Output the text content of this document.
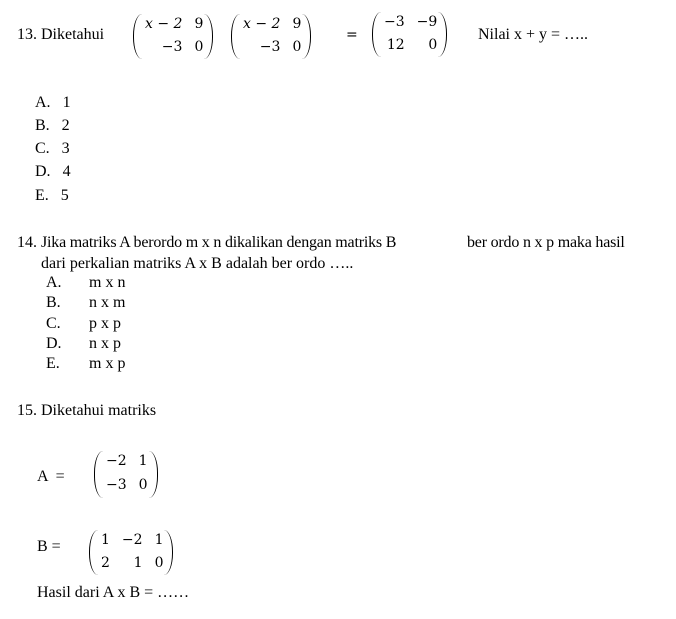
13. Diketahui
x − 2 9
−3 0
x − 2 9
−3 0
=
−3 −9
12	0
Nilai x + y = …..
A. 1
B. 2
C. 3
D. 4
E. 5
14. Jika matriks A berordo m x n dikalikan dengan matriks B	ber ordo n x p maka hasil
dari perkalian matriks A x B adalah ber ordo …..
A. m x n
B. n x m
C. p x p
D. n x p
E. m x p
15. Diketahui matriks
A  =
−2 1
−3 0
B =	1 −2 1
2	1 0
Hasil dari A x B = ……
